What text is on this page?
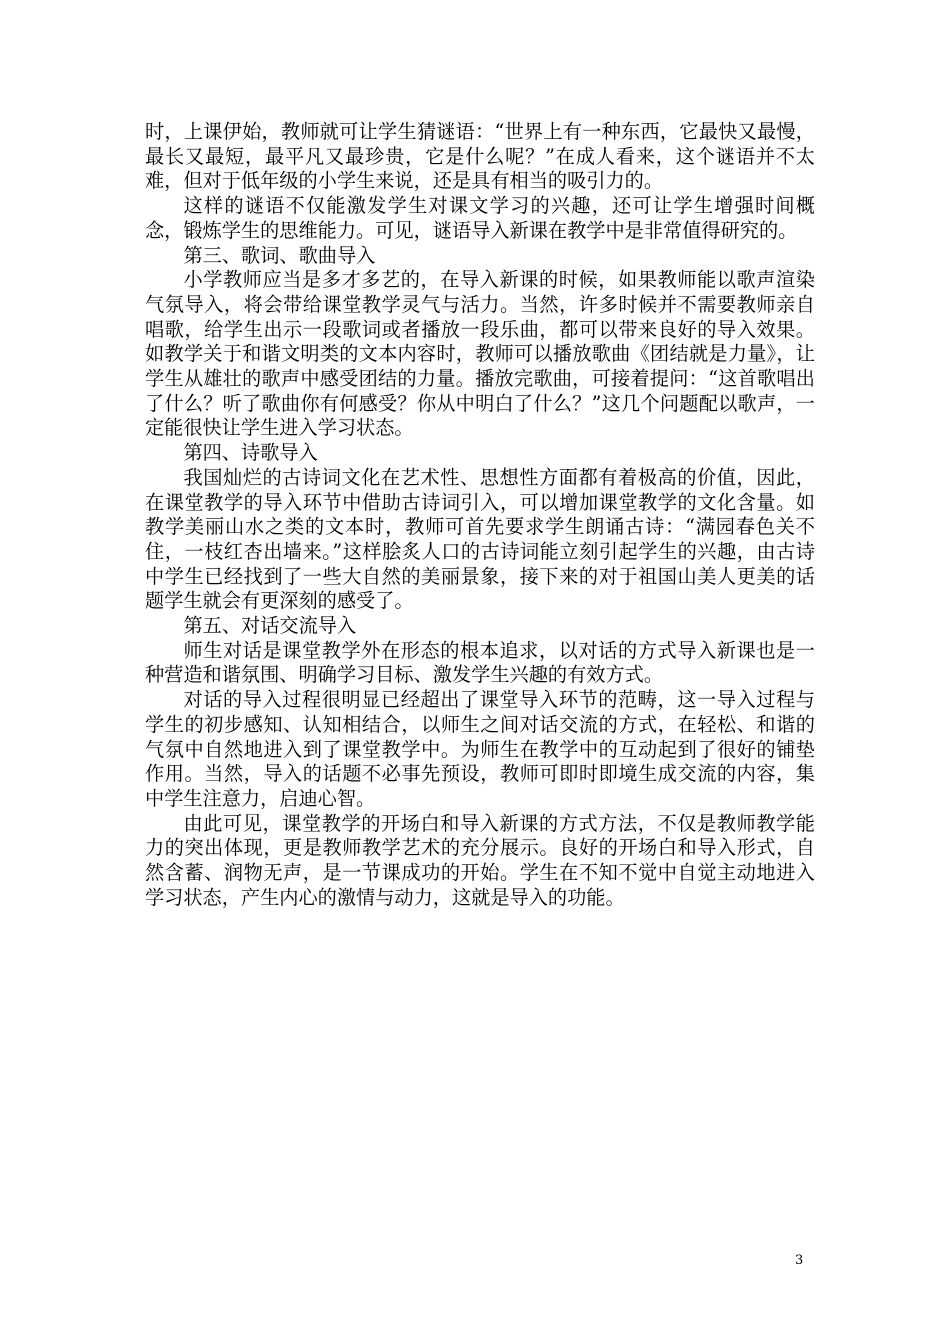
时，上课伊始，教师就可让学生猜谜语：“世界上有一种东西，它最快又最慢，最长又最短，最平凡又最珍贵，它是什么呢？”在成人看来，这个谜语并不太难，但对于低年级的小学生来说，还是具有相当的吸引力的。

这样的谜语不仅能激发学生对课文学习的兴趣，还可让学生增强时间概念，锻炼学生的思维能力。可见，谜语导入新课在教学中是非常值得研究的。

第三、歌词、歌曲导入

小学教师应当是多才多艺的，在导入新课的时候，如果教师能以歌声渲染气氛导入，将会带给课堂教学灵气与活力。当然，许多时候并不需要教师亲自唱歌，给学生出示一段歌词或者播放一段乐曲，都可以带来良好的导入效果。如教学关于和谐文明类的文本内容时，教师可以播放歌曲《团结就是力量》，让学生从雄壮的歌声中感受团结的力量。播放完歌曲，可接着提问：“这首歌唱出了什么？听了歌曲你有何感受？你从中明白了什么？”这几个问题配以歌声，一定能很快让学生进入学习状态。

第四、诗歌导入

我国灿烂的古诗词文化在艺术性、思想性方面都有着极高的价值，因此，在课堂教学的导入环节中借助古诗词引入，可以增加课堂教学的文化含量。如教学美丽山水之类的文本时，教师可首先要求学生朗诵古诗：“满园春色关不住，一枝红杏出墙来。”这样脍炙人口的古诗词能立刻引起学生的兴趣，由古诗中学生已经找到了一些大自然的美丽景象，接下来的对于祖国山美人更美的话题学生就会有更深刻的感受了。

第五、对话交流导入

师生对话是课堂教学外在形态的根本追求，以对话的方式导入新课也是一种营造和谐氛围、明确学习目标、激发学生兴趣的有效方式。

对话的导入过程很明显已经超出了课堂导入环节的范畴，这一导入过程与学生的初步感知、认知相结合，以师生之间对话交流的方式，在轻松、和谐的气氛中自然地进入到了课堂教学中。为师生在教学中的互动起到了很好的铺垫作用。当然，导入的话题不必事先预设，教师可即时即境生成交流的内容，集中学生注意力，启迪心智。

由此可见，课堂教学的开场白和导入新课的方式方法，不仅是教师教学能力的突出体现，更是教师教学艺术的充分展示。良好的开场白和导入形式，自然含蓄、润物无声，是一节课成功的开始。学生在不知不觉中自觉主动地进入学习状态，产生内心的激情与动力，这就是导入的功能。

3
